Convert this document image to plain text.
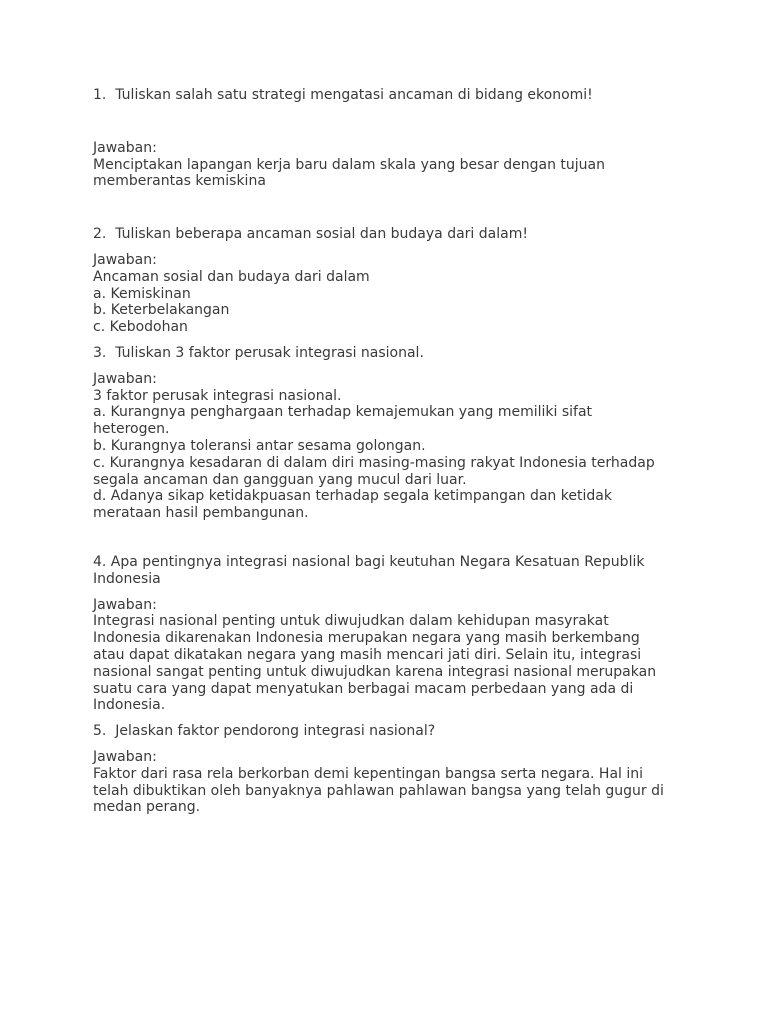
1.  Tuliskan salah satu strategi mengatasi ancaman di bidang ekonomi!
Jawaban:
Menciptakan lapangan kerja baru dalam skala yang besar dengan tujuan
memberantas kemiskina
2.  Tuliskan beberapa ancaman sosial dan budaya dari dalam!
Jawaban:
Ancaman sosial dan budaya dari dalam
a. Kemiskinan
b. Keterbelakangan
c. Kebodohan
3.  Tuliskan 3 faktor perusak integrasi nasional.
Jawaban:
3 faktor perusak integrasi nasional.
a. Kurangnya penghargaan terhadap kemajemukan yang memiliki sifat
heterogen.
b. Kurangnya toleransi antar sesama golongan.
c. Kurangnya kesadaran di dalam diri masing-masing rakyat Indonesia terhadap
segala ancaman dan gangguan yang mucul dari luar.
d. Adanya sikap ketidakpuasan terhadap segala ketimpangan dan ketidak
merataan hasil pembangunan.
4. Apa pentingnya integrasi nasional bagi keutuhan Negara Kesatuan Republik
Indonesia
Jawaban:
Integrasi nasional penting untuk diwujudkan dalam kehidupan masyrakat
Indonesia dikarenakan Indonesia merupakan negara yang masih berkembang
atau dapat dikatakan negara yang masih mencari jati diri. Selain itu, integrasi
nasional sangat penting untuk diwujudkan karena integrasi nasional merupakan
suatu cara yang dapat menyatukan berbagai macam perbedaan yang ada di
Indonesia.
5.  Jelaskan faktor pendorong integrasi nasional?
Jawaban:
Faktor dari rasa rela berkorban demi kepentingan bangsa serta negara. Hal ini
telah dibuktikan oleh banyaknya pahlawan pahlawan bangsa yang telah gugur di
medan perang.
